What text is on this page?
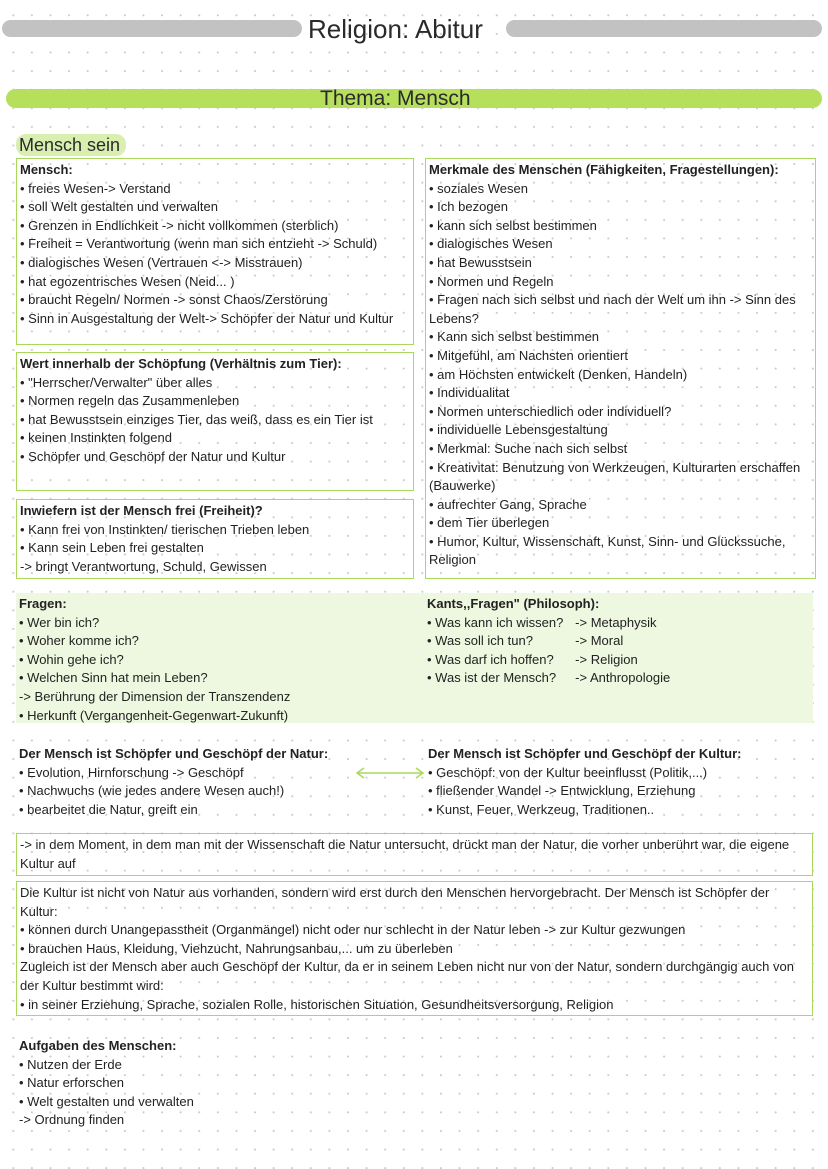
Religion: Abitur
Thema: Mensch
Mensch sein
Mensch:
• freies Wesen-> Verstand
• soll Welt gestalten und verwalten
• Grenzen in Endlichkeit -> nicht vollkommen (sterblich)
• Freiheit = Verantwortung (wenn man sich entzieht -> Schuld)
• dialogisches Wesen (Vertrauen <-> Misstrauen)
• hat egozentrisches Wesen (Neid... )
• braucht Regeln/ Normen -> sonst Chaos/Zerstörung
• Sinn in Ausgestaltung der Welt-> Schöpfer der Natur und Kultur
Wert innerhalb der Schöpfung (Verhältnis zum Tier):
• "Herrscher/Verwalter" über alles
• Normen regeln das Zusammenleben
• hat Bewusstsein einziges Tier, das weiß, dass es ein Tier ist
• keinen Instinkten folgend
• Schöpfer und Geschöpf der Natur und Kultur
Inwiefern ist der Mensch frei (Freiheit)?
• Kann frei von Instinkten/ tierischen Trieben leben
• Kann sein Leben frei gestalten
-> bringt Verantwortung, Schuld, Gewissen
Merkmale des Menschen (Fähigkeiten, Fragestellungen):
• soziales Wesen
• Ich bezogen
• kann sich selbst bestimmen
• dialogisches Wesen
• hat Bewusstsein
• Normen und Regeln
• Fragen nach sich selbst und nach der Welt um ihn -> Sinn des Lebens?
• Kann sich selbst bestimmen
• Mitgefühl, am Nachsten orientiert
• am Höchsten entwickelt (Denken, Handeln)
• Individualitat
• Normen unterschiedlich oder individuell?
• individuelle Lebensgestaltung
• Merkmal: Suche nach sich selbst
• Kreativitat: Benutzung von Werkzeugen, Kulturarten erschaffen (Bauwerke)
• aufrechter Gang, Sprache
• dem Tier überlegen
• Humor, Kultur, Wissenschaft, Kunst, Sinn- und Glückssuche, Religion
Fragen:
• Wer bin ich?
• Woher komme ich?
• Wohin gehe ich?
• Welchen Sinn hat mein Leben?
-> Berührung der Dimension der Transzendenz
• Herkunft (Vergangenheit-Gegenwart-Zukunft)
Kants,,Fragen" (Philosoph):
• Was kann ich wissen? -> Metaphysik
• Was soll ich tun?	-> Moral
• Was darf ich hoffen?	-> Religion
• Was ist der Mensch?	-> Anthropologie
Der Mensch ist Schöpfer und Geschöpf der Natur:
• Evolution, Hirnforschung -> Geschöpf
• Nachwuchs (wie jedes andere Wesen auch!)
• bearbeitet die Natur, greift ein
Der Mensch ist Schöpfer und Geschöpf der Kultur:
• Geschöpf: von der Kultur beeinflusst (Politik,...)
• fließender Wandel -> Entwicklung, Erziehung
• Kunst, Feuer, Werkzeug, Traditionen..
-> in dem Moment, in dem man mit der Wissenschaft die Natur untersucht, drückt man der Natur, die vorher unberührt war, die eigene Kultur auf
Die Kultur ist nicht von Natur aus vorhanden, sondern wird erst durch den Menschen hervorgebracht. Der Mensch ist Schöpfer der Kultur:
• können durch Unangepasstheit (Organmängel) nicht oder nur schlecht in der Natur leben -> zur Kultur gezwungen
• brauchen Haus, Kleidung, Viehzucht, Nahrungsanbau,... um zu überleben
Zugleich ist der Mensch aber auch Geschöpf der Kultur, da er in seinem Leben nicht nur von der Natur, sondern durchgängig auch von der Kultur bestimmt wird:
• in seiner Erziehung, Sprache, sozialen Rolle, historischen Situation, Gesundheitsversorgung, Religion
Aufgaben des Menschen:
• Nutzen der Erde
• Natur erforschen
• Welt gestalten und verwalten
-> Ordnung finden
